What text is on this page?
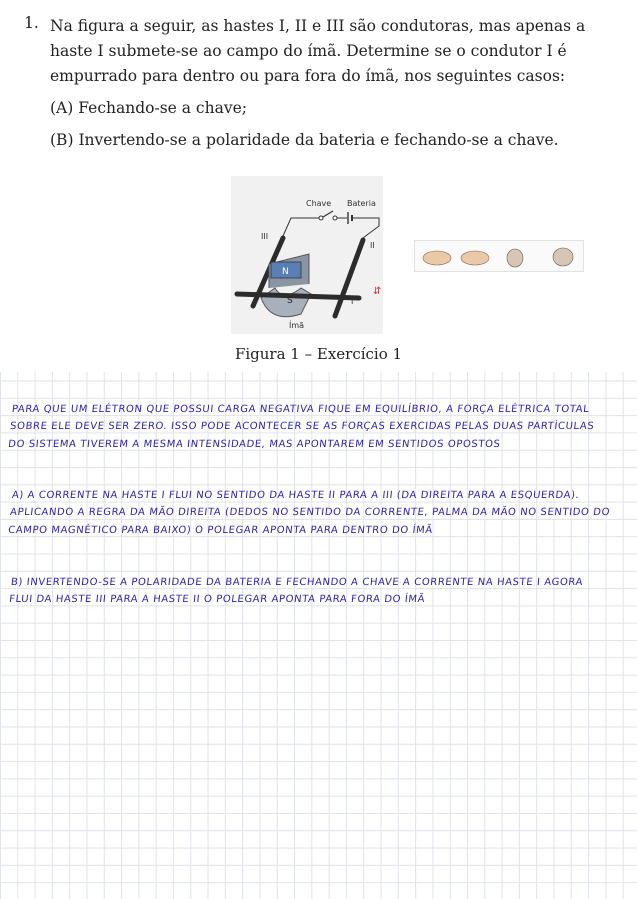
1. Na figura a seguir, as hastes I, II e III são condutoras, mas apenas a haste I submete-se ao campo do ímã. Determine se o condutor I é empurrado para dentro ou para fora do ímã, nos seguintes casos:
(A) Fechando-se a chave;
(B) Invertendo-se a polaridade da bateria e fechando-se a chave.
Chave Bateria
III
II
I
N
S
Ímã
⇵
Figura 1 – Exercício 1
PARA QUE UM ELÉTRON QUE POSSUI CARGA NEGATIVA FIQUE EM EQUILÍBRIO, A FORÇA ELÉTRICA TOTAL
SOBRE ELE DEVE SER ZERO. ISSO PODE ACONTECER SE AS FORÇAS EXERCIDAS PELAS DUAS PARTÍCULAS
DO SISTEMA TIVEREM A MESMA INTENSIDADE, MAS APONTAREM EM SENTIDOS OPOSTOS
A) A CORRENTE NA HASTE I FLUI NO SENTIDO DA HASTE II PARA A III (DA DIREITA PARA A ESQUERDA).
APLICANDO A REGRA DA MÃO DIREITA (DEDOS NO SENTIDO DA CORRENTE, PALMA DA MÃO NO SENTIDO DO
CAMPO MAGNÉTICO PARA BAIXO) O POLEGAR APONTA PARA DENTRO DO ÍMÃ
B) INVERTENDO-SE A POLARIDADE DA BATERIA E FECHANDO A CHAVE A CORRENTE NA HASTE I AGORA
FLUI DA HASTE III PARA A HASTE II O POLEGAR APONTA PARA FORA DO ÍMÃ
